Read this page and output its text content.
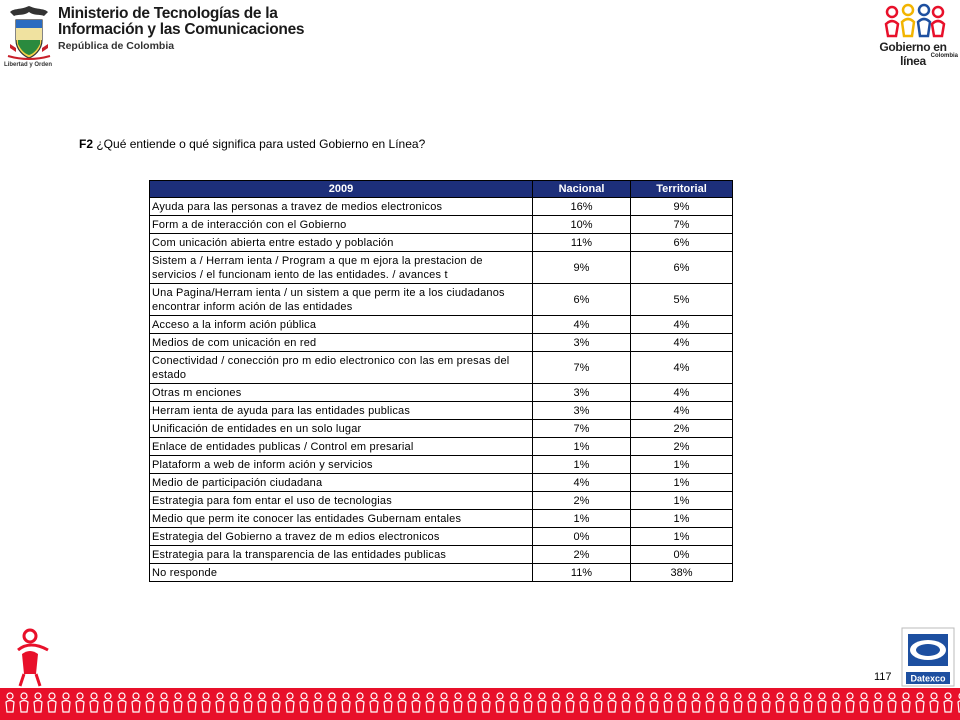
Libertad y Orden
Ministerio de Tecnologías de la
Información y las Comunicaciones
República de Colombia	Gobierno en línea Colombia
F2 ¿Qué entiende o qué significa para usted Gobierno en Línea?
2009	Nacional	Territorial
Ayuda para las personas a travez de medios electronicos	16%	9%
Form a de interacción con el Gobierno	10%	7%
Com unicación abierta entre estado y población	11%	6%
Sistem a / Herram ienta / Program a que m ejora la prestacion de servicios / el funcionam iento de las entidades. / avances t	9%	6%
Una Pagina/Herram ienta / un sistem a que perm ite a los ciudadanos encontrar inform ación de las entidades	6%	5%
Acceso a la inform ación pública	4%	4%
Medios de com unicación en red	3%	4%
Conectividad / conección pro m edio electronico con las em presas del estado	7%	4%
Otras m enciones	3%	4%
Herram ienta de ayuda para las entidades publicas	3%	4%
Unificación de entidades en un solo lugar	7%	2%
Enlace de entidades publicas / Control em presarial	1%	2%
Plataform a web de inform ación y servicios	1%	1%
Medio de participación ciudadana	4%	1%
Estrategia para fom entar el uso de tecnologias	2%	1%
Medio que perm ite conocer las entidades Gubernam entales	1%	1%
Estrategia del Gobierno a travez de m edios electronicos	0%	1%
Estrategia para la transparencia de las entidades publicas	2%	0%
No responde	11%	38%
Datexco
117
